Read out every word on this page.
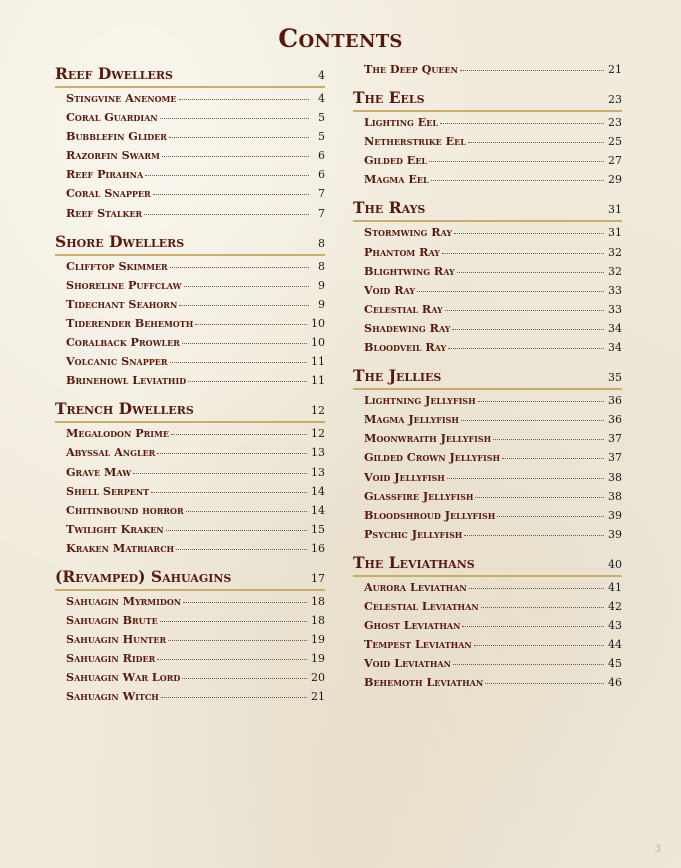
Contents
Reef Dwellers	4
Stingvine Anenome	4
Coral Guardian	5
Bubblefin Glider	5
Razorfin Swarm	6
Reef Pirahna	6
Coral Snapper	7
Reef Stalker	7
Shore Dwellers	8
Clifftop Skimmer	8
Shoreline Puffclaw	9
Tidechant Seahorn	9
Tiderender Behemoth	10
Coralback Prowler	10
Volcanic Snapper	11
Brinehowl Leviathid	11
Trench Dwellers	12
Megalodon Prime	12
Abyssal Angler	13
Grave Maw	13
Shell Serpent	14
Chitinbound horror	14
Twilight Kraken	15
Kraken Matriarch	16
(Revamped) Sahuagins	17
Sahuagin Myrmidon	18
Sahuagin Brute	18
Sahuagin Hunter	19
Sahuagin Rider	19
Sahuagin War Lord	20
Sahuagin Witch	21
The Deep Queen	21
The Eels	23
Lighting Eel	23
Netherstrike Eel	25
Gilded Eel	27
Magma Eel	29
The Rays	31
Stormwing Ray	31
Phantom Ray	32
Blightwing Ray	32
Void Ray	33
Celestial Ray	33
Shadewing Ray	34
Bloodveil Ray	34
The Jellies	35
Lightning Jellyfish	36
Magma Jellyfish	36
Moonwraith Jellyfish	37
Gilded Crown Jellyfish	37
Void Jellyfish	38
Glassfire Jellyfish	38
Bloodshroud Jellyfish	39
Psychic Jellyfish	39
The Leviathans	40
Aurora Leviathan	41
Celestial Leviathan	42
Ghost Leviathan	43
Tempest Leviathan	44
Void Leviathan	45
Behemoth Leviathan	46
3
